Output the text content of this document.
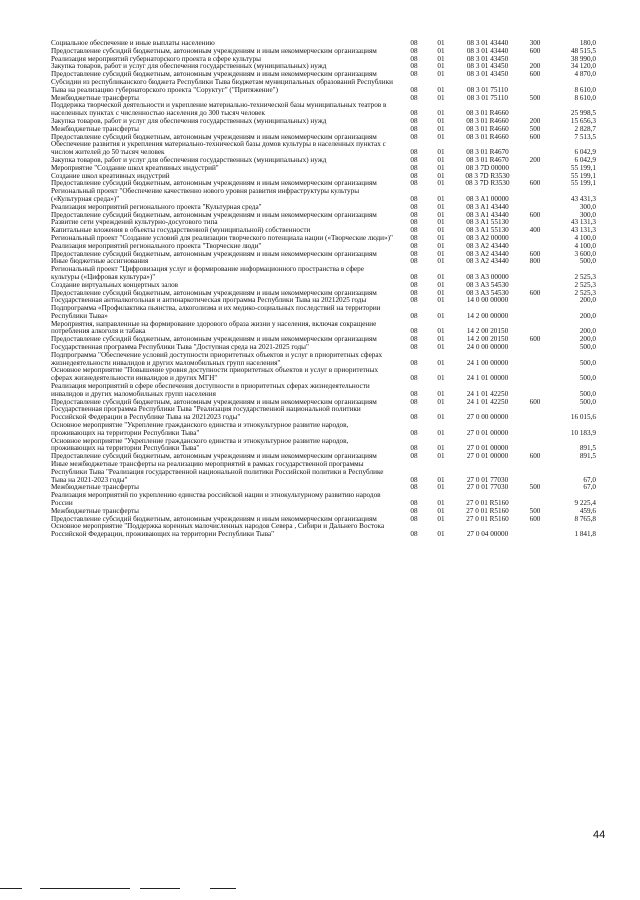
Социальное обеспечение и иные выплаты населению	08	01	08 3 01 43440	300	180,0
Предоставление субсидий бюджетным, автономным учреждениям и иным некоммерческим организациям	08	01	08 3 01 43440	600	48 515,5
Реализация мероприятий губернаторского проекта в сфере культуры	08	01	08 3 01 43450		38 990,0
Закупка товаров, работ и услуг для обеспечения государственных (муниципальных) нужд	08	01	08 3 01 43450	200	34 120,0
Предоставление субсидий бюджетным, автономным учреждениям и иным некоммерческим организациям	08	01	08 3 01 43450	600	4 870,0
Субсидии из республиканского бюджета Республики Тыва бюджетам муниципальных образований Республики Тыва на реализацию губернаторского проекта "Соруктуг" ("Притяжение")	08	01	08 3 01 75110		8 610,0
Межбюджетные трансферты	08	01	08 3 01 75110	500	8 610,0
Поддержка творческой деятельности и укрепление материально-технической базы муниципальных театров в населенных пунктах с численностью населения до 300 тысяч человек	08	01	08 3 01 R4660		25 998,5
Закупка товаров, работ и услуг для обеспечения государственных (муниципальных) нужд	08	01	08 3 01 R4660	200	15 656,3
Межбюджетные трансферты	08	01	08 3 01 R4660	500	2 828,7
Предоставление субсидий бюджетным, автономным учреждениям и иным некоммерческим организациям	08	01	08 3 01 R4660	600	7 513,5
Обеспечение развития и укрепления материально-технической базы домов культуры в населенных пунктах с числом жителей до 50 тысяч человек	08	01	08 3 01 R4670		6 042,9
Закупка товаров, работ и услуг для обеспечения государственных (муниципальных) нужд	08	01	08 3 01 R4670	200	6 042,9
Мероприятие "Создание школ креативных индустрий"	08	01	08 3 7D 00000		55 199,1
Создание школ креативных индустрий	08	01	08 3 7D R3530		55 199,1
Предоставление субсидий бюджетным, автономным учреждениям и иным некоммерческим организациям	08	01	08 3 7D R3530	600	55 199,1
Региональный проект "Обеспечение качественно нового уровня развития инфраструктуры культуры («Культурная среда»)"	08	01	08 3 A1 00000		43 431,3
Реализация мероприятий регионального проекта "Культурная среда"	08	01	08 3 A1 43440		300,0
Предоставление субсидий бюджетным, автономным учреждениям и иным некоммерческим организациям	08	01	08 3 A1 43440	600	300,0
Развитие сети учреждений культурно-досугового типа	08	01	08 3 A1 55130		43 131,3
Капитальные вложения в объекты государственной (муниципальной) собственности	08	01	08 3 A1 55130	400	43 131,3
Региональный проект "Создание условий для реализации творческого потенциала нации («Творческие люди»)"	08	01	08 3 A2 00000		4 100,0
Реализация мероприятий регионального проекта "Творческие люди"	08	01	08 3 A2 43440		4 100,0
Предоставление субсидий бюджетным, автономным учреждениям и иным некоммерческим организациям	08	01	08 3 A2 43440	600	3 600,0
Иные бюджетные ассигнования	08	01	08 3 A2 43440	800	500,0
Региональный проект "Цифровизация услуг и формирование информационного пространства в сфере культуры («Цифровая культура»)"	08	01	08 3 A3 00000		2 525,3
Создание виртуальных концертных залов	08	01	08 3 A3 54530		2 525,3
Предоставление субсидий бюджетным, автономным учреждениям и иным некоммерческим организациям	08	01	08 3 A3 54530	600	2 525,3
Государственная антиалкогольная и антинаркотическая программа Республики Тыва на 20212025 годы	08	01	14 0 00 00000		200,0
Подпрограмма «Профилактика пьянства, алкоголизма и их медико-социальных последствий на территории Республики Тыва»	08	01	14 2 00 00000		200,0
Мероприятия, направленные на формирование здорового образа жизни у населения, включая сокращение потребления алкоголя и табака	08	01	14 2 00 20150		200,0
Предоставление субсидий бюджетным, автономным учреждениям и иным некоммерческим организациям	08	01	14 2 00 20150	600	200,0
Государственная программа Республики Тыва "Доступная среда на 2021-2025 годы"	08	01	24 0 00 00000		500,0
Подпрограмма "Обеспечение условий доступности приоритетных объектов и услуг в приоритетных сферах жизнедеятельности инвалидов и других маломобильных групп населения"	08	01	24 1 00 00000		500,0
Основное мероприятие "Повышение уровня доступности приоритетных объектов и услуг в приоритетных сферах жизнедеятельности инвалидов и других МГН"	08	01	24 1 01 00000		500,0
Реализация мероприятий в сфере обеспечения доступности в приоритетных сферах жизнедеятельности инвалидов и других маломобильных групп населения	08	01	24 1 01 42250		500,0
Предоставление субсидий бюджетным, автономным учреждениям и иным некоммерческим организациям	08	01	24 1 01 42250	600	500,0
Государственная программа Республики Тыва "Реализация государственной национальной политики Российской Федерации в Республике Тыва на 20212023 годы"	08	01	27 0 00 00000		16 015,6
Основное мероприятие "Укрепление гражданского единства и этнокультурное развитие народов, проживающих на территории Республики Тыва"	08	01	27 0 01 00000		10 183,9
Основное мероприятие "Укрепление гражданского единства и этнокультурное развитие народов, проживающих на территории Республики Тыва"	08	01	27 0 01 00000		891,5
Предоставление субсидий бюджетным, автономным учреждениям и иным некоммерческим организациям	08	01	27 0 01 00000	600	891,5
Иные межбюджетные трансферты на реализацию мероприятий в рамках государственной программы Республики Тыва "Реализация государственной национальной политики Российской политики в Республике Тыва на 2021-2023 годы"	08	01	27 0 01 77030		67,0
Межбюджетные трансферты	08	01	27 0 01 77030	500	67,0
Реализация мероприятий по укреплению единства российской нации и этнокультурному развитию народов России	08	01	27 0 01 R5160		9 225,4
Межбюджетные трансферты	08	01	27 0 01 R5160	500	459,6
Предоставление субсидий бюджетным, автономным учреждениям и иным некоммерческим организациям	08	01	27 0 01 R5160	600	8 765,8
Основное мероприятие "Поддержка коренных малочисленных народов Севера , Сибири и Дальнего Востока Российской Федерации, проживающих на территории Республики Тыва"	08	01	27 0 04 00000		1 841,8
44
